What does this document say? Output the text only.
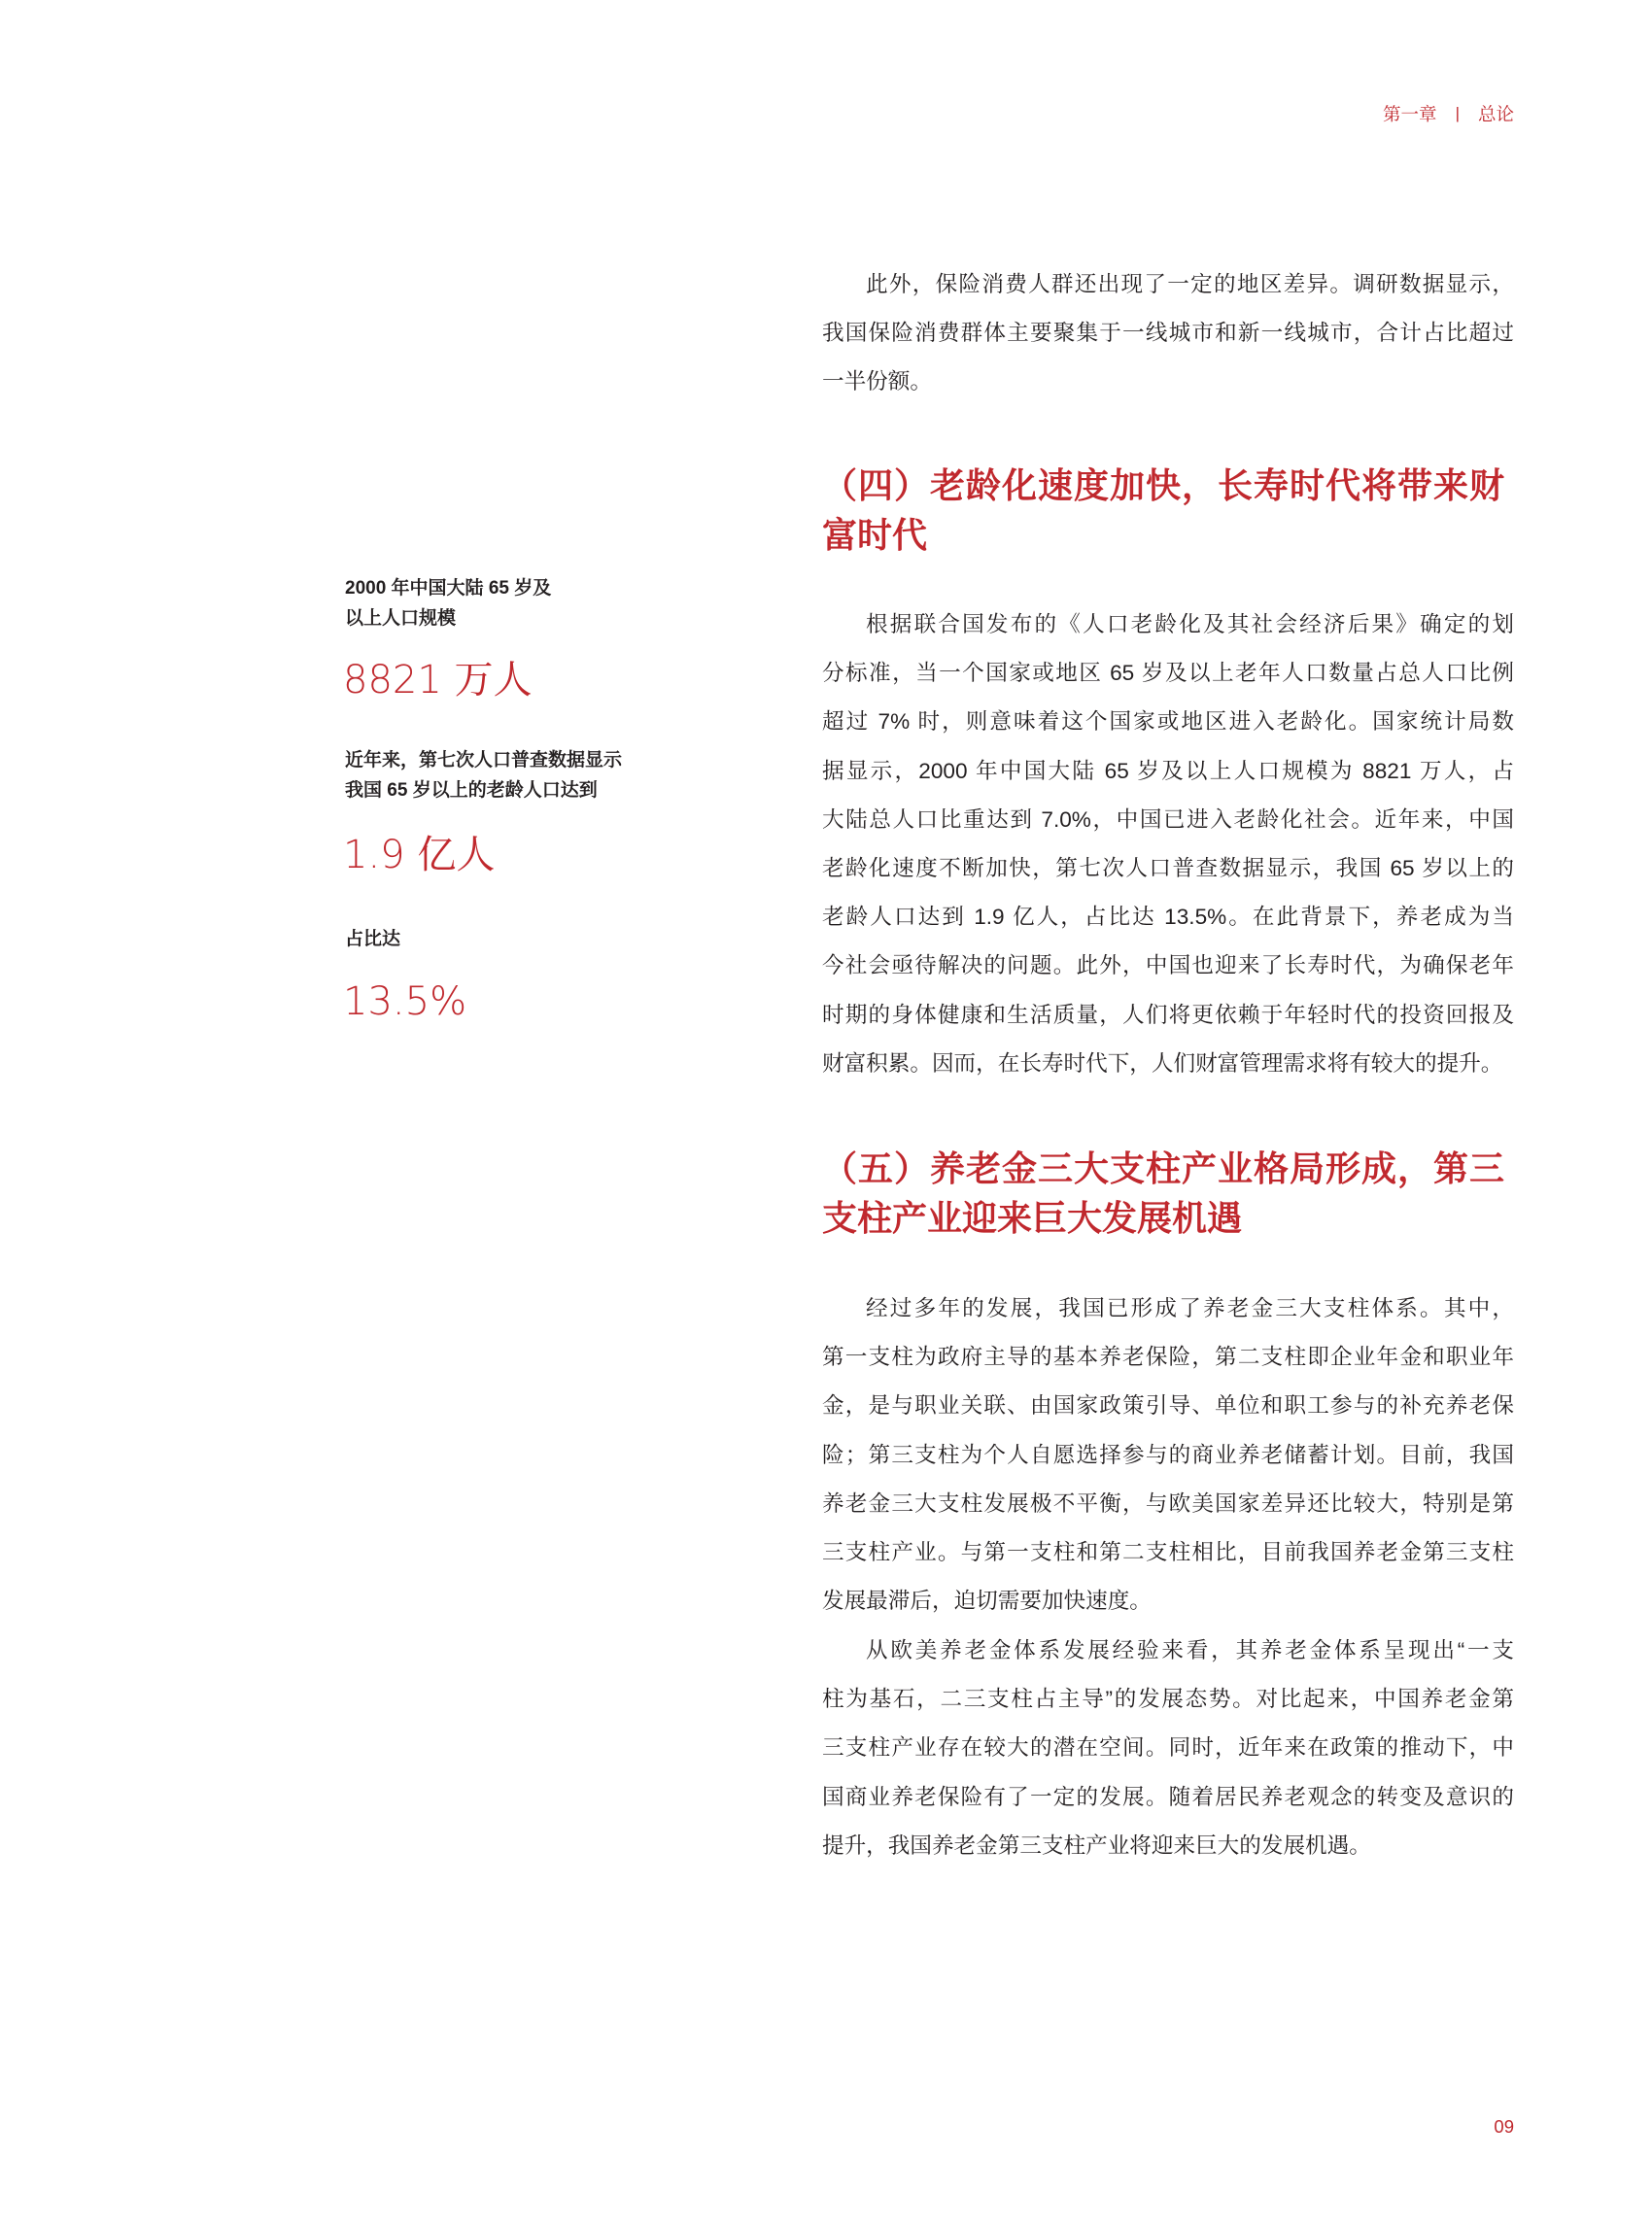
第一章 | 总论
2000 年中国大陆 65 岁及
以上人口规模
8821 万人
近年来，第七次人口普查数据显示
我国 65 岁以上的老龄人口达到
1.9 亿人
占比达
13.5%
此外，保险消费人群还出现了一定的地区差异。调研数据显示，
我国保险消费群体主要聚集于一线城市和新一线城市，合计占比超过
一半份额。
（四）老龄化速度加快，长寿时代将带来财
富时代
根据联合国发布的《人口老龄化及其社会经济后果》确定的划
分标准，当一个国家或地区 65 岁及以上老年人口数量占总人口比例
超过 7% 时，则意味着这个国家或地区进入老龄化。国家统计局数
据显示，2000 年中国大陆 65 岁及以上人口规模为 8821 万人，占
大陆总人口比重达到 7.0%，中国已进入老龄化社会。近年来，中国
老龄化速度不断加快，第七次人口普查数据显示，我国 65 岁以上的
老龄人口达到 1.9 亿人，占比达 13.5%。在此背景下，养老成为当
今社会亟待解决的问题。此外，中国也迎来了长寿时代，为确保老年
时期的身体健康和生活质量，人们将更依赖于年轻时代的投资回报及
财富积累。因而，在长寿时代下，人们财富管理需求将有较大的提升。
（五）养老金三大支柱产业格局形成，第三
支柱产业迎来巨大发展机遇
经过多年的发展，我国已形成了养老金三大支柱体系。其中，
第一支柱为政府主导的基本养老保险，第二支柱即企业年金和职业年
金，是与职业关联、由国家政策引导、单位和职工参与的补充养老保
险；第三支柱为个人自愿选择参与的商业养老储蓄计划。目前，我国
养老金三大支柱发展极不平衡，与欧美国家差异还比较大，特别是第
三支柱产业。与第一支柱和第二支柱相比，目前我国养老金第三支柱
发展最滞后，迫切需要加快速度。
从欧美养老金体系发展经验来看，其养老金体系呈现出“一支
柱为基石，二三支柱占主导”的发展态势。对比起来，中国养老金第
三支柱产业存在较大的潜在空间。同时，近年来在政策的推动下，中
国商业养老保险有了一定的发展。随着居民养老观念的转变及意识的
提升，我国养老金第三支柱产业将迎来巨大的发展机遇。
09
